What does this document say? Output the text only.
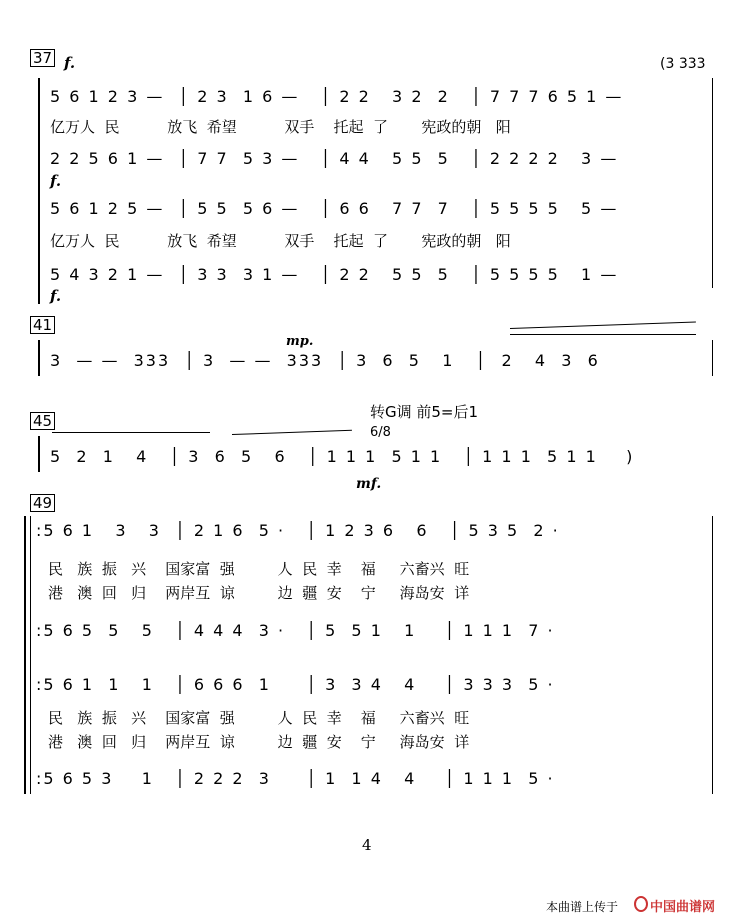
37 f.	(3 333
5 6 1 2 3 —  │ 2 3  1 6 —   │ 2 2   3 2  2   │ 7 7 7 6 5 1 —
亿万人  民          放飞  希望          双手    托起  了       宪政的朝   阳
2 2 5 6 1 —  │ 7 7  5 3 —   │ 4 4   5 5  5   │ 2 2 2 2   3 —
f.
5 6 1 2 5 —  │ 5 5  5 6 —   │ 6 6   7 7  7   │ 5 5 5 5   5 —
亿万人  民          放飞  希望          双手    托起  了       宪政的朝   阳
5 4 3 2 1 —  │ 3 3  3 1 —   │ 2 2   5 5  5   │ 5 5 5 5   1 —
f.
41
mp.
3  — —  333  │ 3  — —  333  │ 3  6  5   1   │  2   4  3  6
转G调 前5=后1
45
6/8
5  2  1   4   │ 3  6  5   6   │ 1 1 1  5 1 1   │ 1 1 1  5 1 1    )
mf.
49
:5 6 1   3   3  │ 2 1 6  5 ·   │ 1 2 3 6   6   │ 5 3 5  2 ·
民   族  振   兴    国家富  强         人  民  幸    福     六畜兴  旺
港   澳  回   归    两岸互  谅         边  疆  安    宁     海岛安  详
:5 6 5  5   5   │ 4 4 4  3 ·   │ 5  5 1   1    │ 1 1 1  7 ·
:5 6 1  1   1   │ 6 6 6  1     │ 3  3 4   4    │ 3 3 3  5 ·
民   族  振   兴    国家富  强         人  民  幸    福     六畜兴  旺
港   澳  回   归    两岸互  谅         边  疆  安    宁     海岛安  详
:5 6 5 3    1   │ 2 2 2  3     │ 1  1 4   4    │ 1 1 1  5 ·
4
本曲谱上传于 中国曲谱网
